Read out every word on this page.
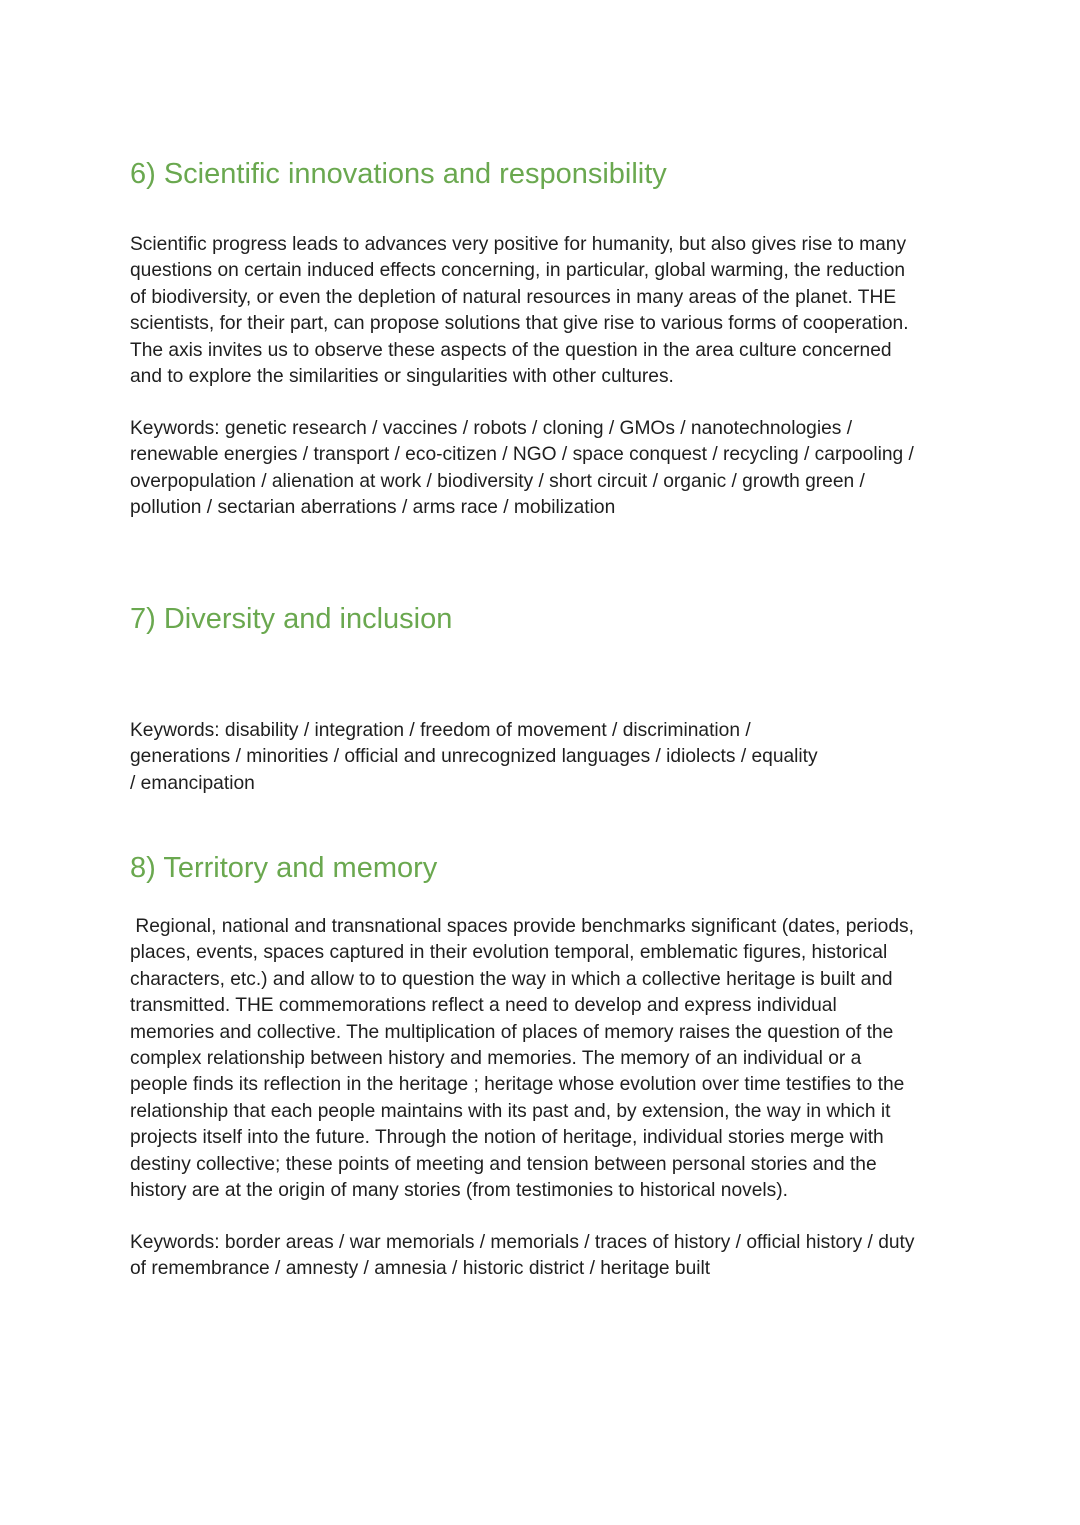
6) Scientific innovations and responsibility

Scientific progress leads to advances very positive for humanity, but also gives rise to many
questions on certain induced effects concerning, in particular, global warming, the reduction
of biodiversity, or even the depletion of natural resources in many areas of the planet. THE
scientists, for their part, can propose solutions that give rise to various forms of cooperation.
The axis invites us to observe these aspects of the question in the area culture concerned
and to explore the similarities or singularities with other cultures.

Keywords: genetic research / vaccines / robots / cloning / GMOs / nanotechnologies /
renewable energies / transport / eco-citizen / NGO / space conquest / recycling / carpooling /
overpopulation / alienation at work / biodiversity / short circuit / organic / growth green /
pollution / sectarian aberrations / arms race / mobilization

7) Diversity and inclusion

Keywords: disability / integration / freedom of movement / discrimination /
generations / minorities / official and unrecognized languages / idiolects / equality
/ emancipation

8) Territory and memory

Regional, national and transnational spaces provide benchmarks significant (dates, periods,
places, events, spaces captured in their evolution temporal, emblematic figures, historical
characters, etc.) and allow to to question the way in which a collective heritage is built and
transmitted. THE commemorations reflect a need to develop and express individual
memories and collective. The multiplication of places of memory raises the question of the
complex relationship between history and memories. The memory of an individual or a
people finds its reflection in the heritage ; heritage whose evolution over time testifies to the
relationship that each people maintains with its past and, by extension, the way in which it
projects itself into the future. Through the notion of heritage, individual stories merge with
destiny collective; these points of meeting and tension between personal stories and the
history are at the origin of many stories (from testimonies to historical novels).

Keywords: border areas / war memorials / memorials / traces of history / official history / duty
of remembrance / amnesty / amnesia / historic district / heritage built
